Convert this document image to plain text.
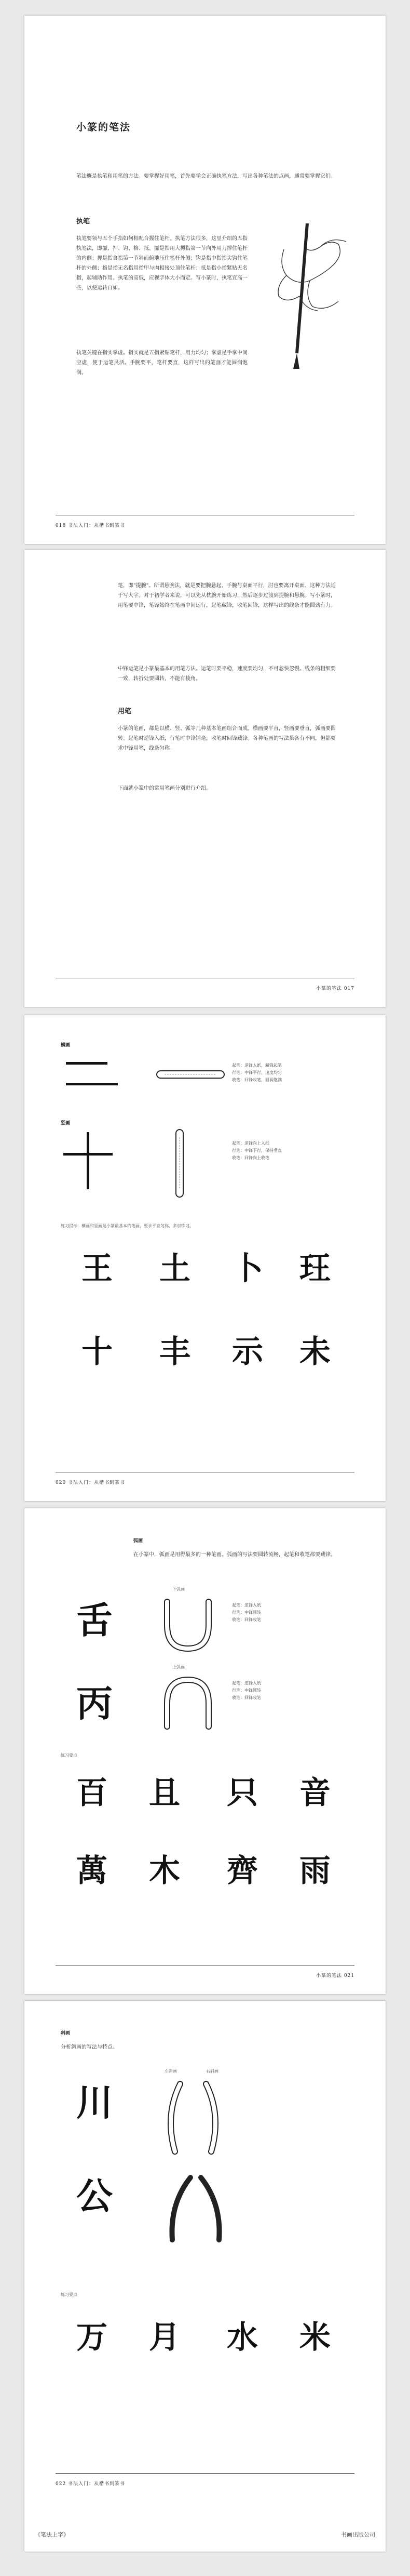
小篆的笔法
笔法概是执笔和用笔的方法。要掌握好用笔，首先要学会正确执笔方法，写出各种笔法的点画，通常要掌握它们。
执笔
执笔要领与五个手指如何相配合握住笔杆。执笔方法很多，这里介绍的五指执笔法，即擫、押、钩、格、抵。擫是指用大拇指第一节向外用力撑住笔杆的内侧；押是指食指第一节斜而俯地压住笔杆外侧；钩是指中指指尖钩住笔杆的外侧；格是指无名指用指甲与肉相接处顶住笔杆；抵是指小指紧贴无名指，起辅助作用。执笔的高低，应视字体大小而定。写小篆时，执笔宜高一些，以便运转自如。
执笔关键在指实掌虚。指实就是五指紧贴笔杆，用力均匀；掌虚是手掌中间空虚，便于运笔灵活。手腕要平，笔杆要直，这样写出的笔画才能圆润饱满。
018 书法入门：从楷书到篆书
笔，即"提腕"。所谓悬腕法，就是要把腕悬起，手腕与桌面平行，肘也要离开桌面。这种方法适于写大字。对于初学者来说，可以先从枕腕开始练习，然后逐步过渡到提腕和悬腕。写小篆时，用笔要中锋，笔锋始终在笔画中间运行，起笔藏锋，收笔回锋，这样写出的线条才能圆劲有力。
中锋运笔是小篆最基本的用笔方法。运笔时要平稳，速度要均匀，不可忽快忽慢。线条的粗细要一致，转折处要圆转，不能有棱角。
用笔
小篆的笔画，都是以横、竖、弧等几种基本笔画组合而成。横画要平直，竖画要垂直，弧画要圆转。起笔时逆锋入纸，行笔时中锋铺毫，收笔时回锋藏锋。各种笔画的写法虽各有不同，但都要求中锋用笔，线条匀称。
下面就小篆中的常用笔画分别进行介绍。
小篆的笔法 017
横画
起笔：逆锋入纸，藏锋起笔
行笔：中锋平行，速度均匀
收笔：回锋收笔，圆润饱满
竖画
起笔：逆锋向上入纸
行笔：中锋下行，保持垂直
收笔：回锋向上收笔
练习提示：横画和竖画是小篆最基本的笔画，要求平直匀称，多加练习。
王	土	卜	玨
十	丰	示	未
020 书法入门：从楷书到篆书
弧画
在小篆中，弧画是用得最多的一种笔画。弧画的写法要圆转流畅，起笔和收笔都要藏锋。
舌
丙
下弧画
起笔：逆锋入纸
行笔：中锋圆转
收笔：回锋收笔
上弧画
起笔：逆锋入纸
行笔：中锋圆转
收笔：回锋收笔
练习要点
百	且	只	音
萬	木	齊	雨
小篆的笔法 021
斜画
分析斜画的写法与特点。
川
公
左斜画	右斜画
练习要点
万	月	水	米
022 书法入门：从楷书到篆书
《笔法上字》	书画出版公司
